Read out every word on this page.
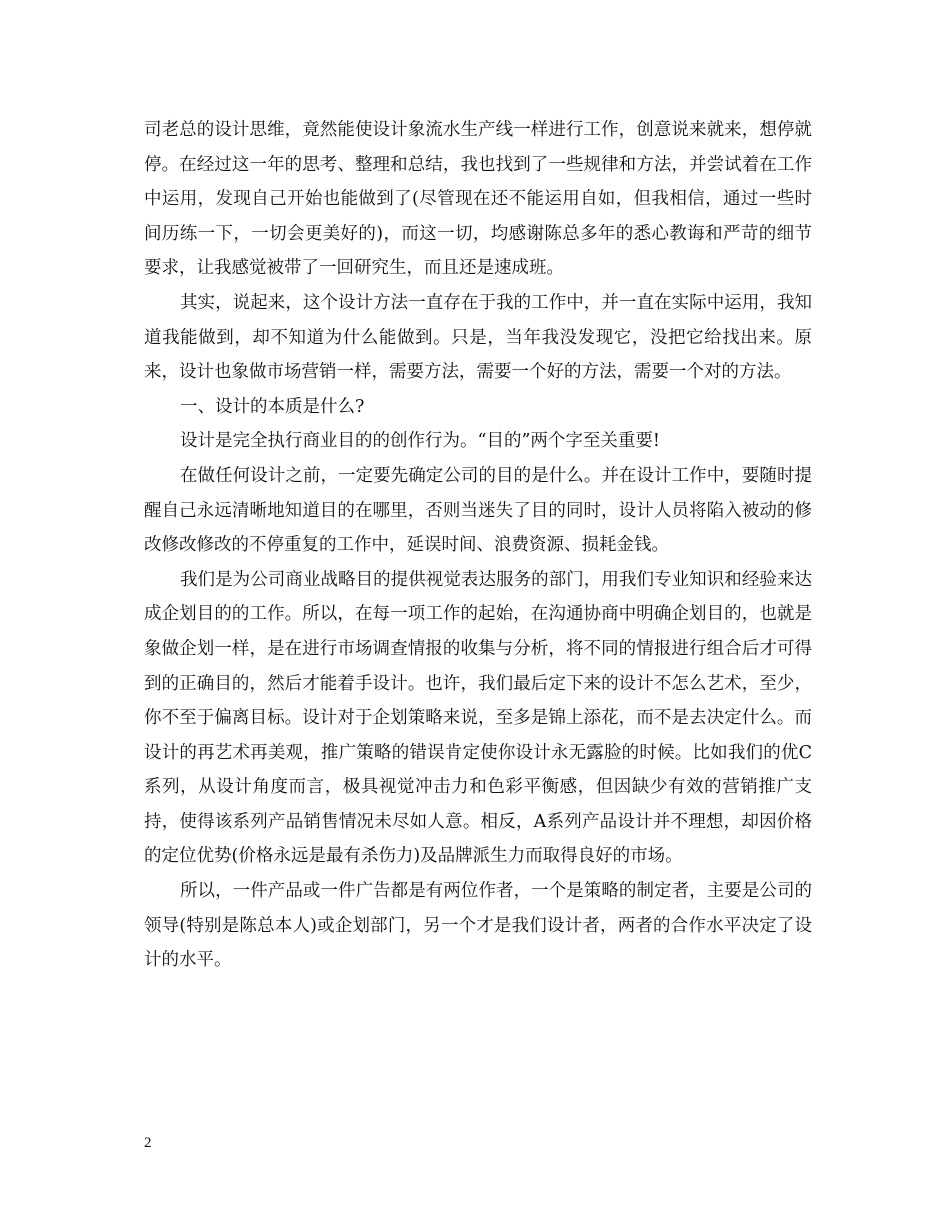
司老总的设计思维，竟然能使设计象流水生产线一样进行工作，创意说来就来，想停就停。在经过这一年的思考、整理和总结，我也找到了一些规律和方法，并尝试着在工作中运用，发现自己开始也能做到了(尽管现在还不能运用自如，但我相信，通过一些时间历练一下，一切会更美好的)，而这一切，均感谢陈总多年的悉心教诲和严苛的细节要求，让我感觉被带了一回研究生，而且还是速成班。

其实，说起来，这个设计方法一直存在于我的工作中，并一直在实际中运用，我知道我能做到，却不知道为什么能做到。只是，当年我没发现它，没把它给找出来。原来，设计也象做市场营销一样，需要方法，需要一个好的方法，需要一个对的方法。

一、设计的本质是什么?

设计是完全执行商业目的的创作行为。“目的”两个字至关重要!

在做任何设计之前，一定要先确定公司的目的是什么。并在设计工作中，要随时提醒自己永远清晰地知道目的在哪里，否则当迷失了目的同时，设计人员将陷入被动的修改修改修改的不停重复的工作中，延误时间、浪费资源、损耗金钱。

我们是为公司商业战略目的提供视觉表达服务的部门，用我们专业知识和经验来达成企划目的的工作。所以，在每一项工作的起始，在沟通协商中明确企划目的，也就是象做企划一样，是在进行市场调查情报的收集与分析，将不同的情报进行组合后才可得到的正确目的，然后才能着手设计。也许，我们最后定下来的设计不怎么艺术，至少，你不至于偏离目标。设计对于企划策略来说，至多是锦上添花，而不是去决定什么。而设计的再艺术再美观，推广策略的错误肯定使你设计永无露脸的时候。比如我们的优C系列，从设计角度而言，极具视觉冲击力和色彩平衡感，但因缺少有效的营销推广支持，使得该系列产品销售情况未尽如人意。相反，A系列产品设计并不理想，却因价格的定位优势(价格永远是最有杀伤力)及品牌派生力而取得良好的市场。

所以，一件产品或一件广告都是有两位作者，一个是策略的制定者，主要是公司的领导(特别是陈总本人)或企划部门，另一个才是我们设计者，两者的合作水平决定了设计的水平。

2
